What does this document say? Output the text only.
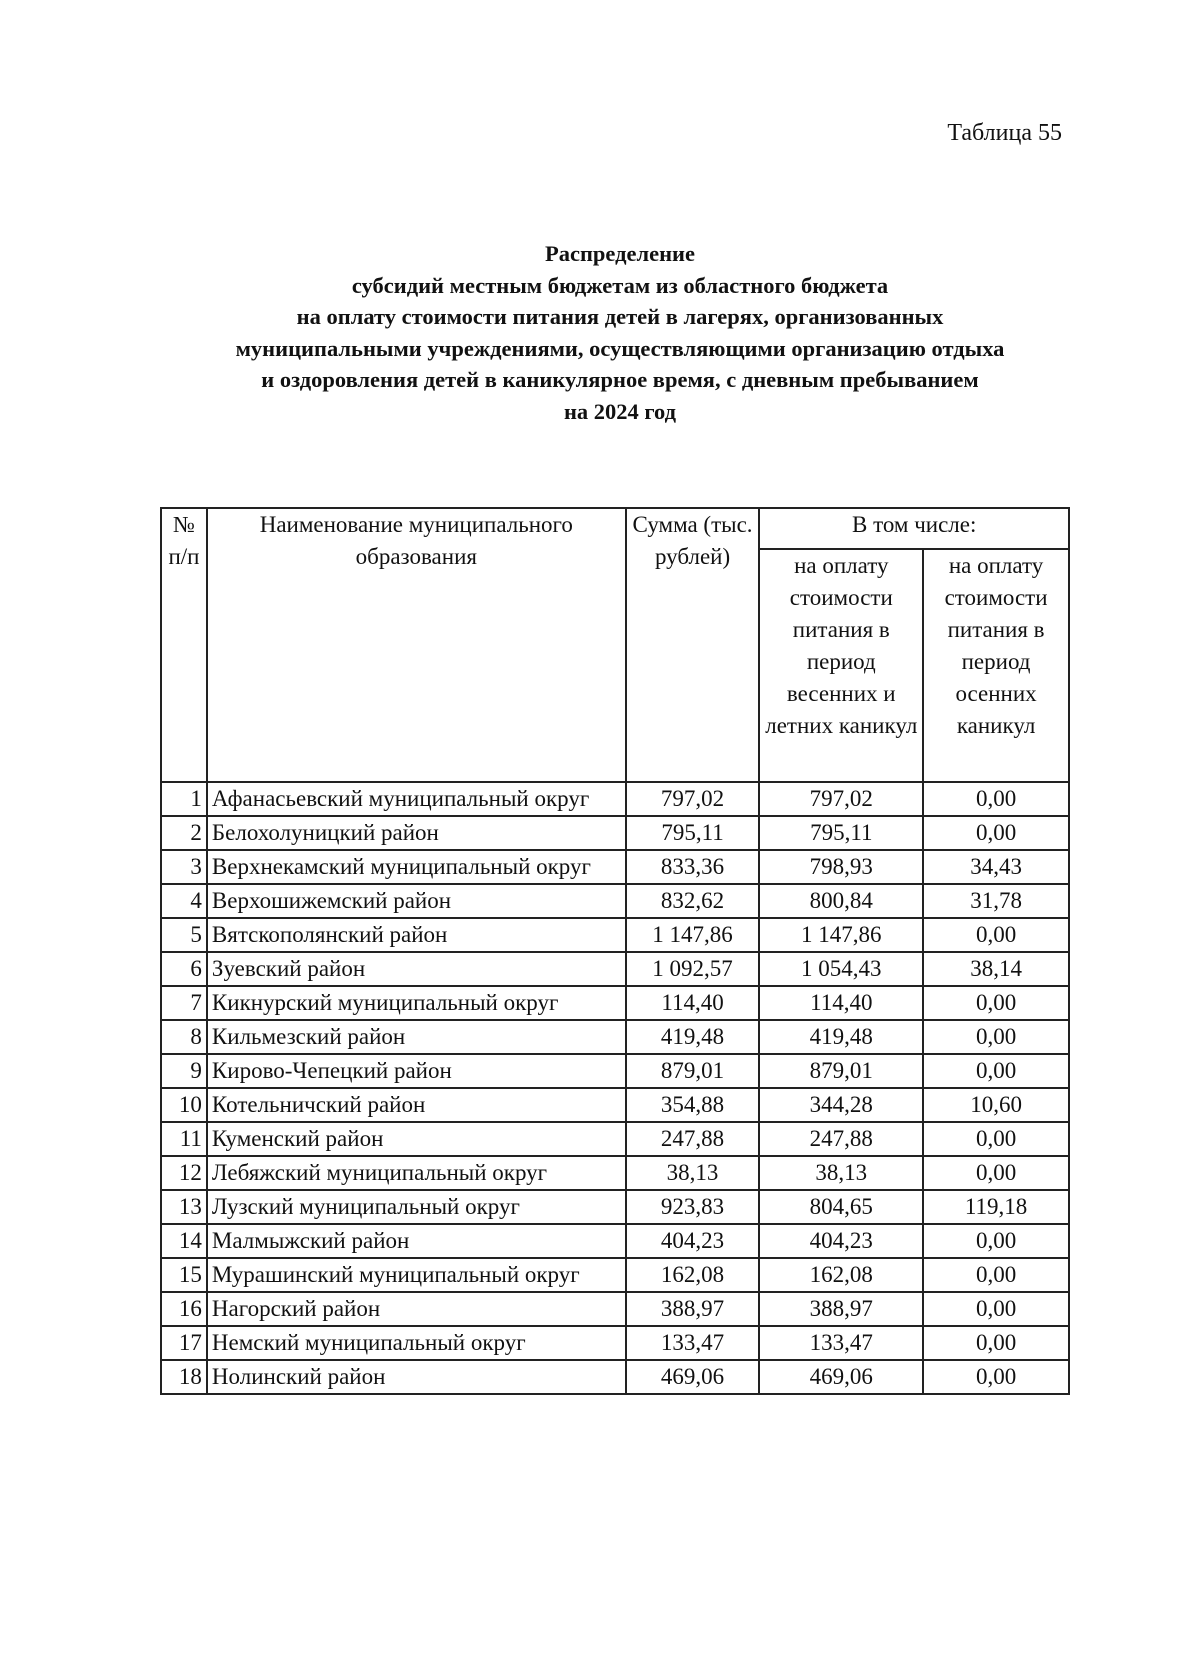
Таблица 55
Распределение
субсидий местным бюджетам из областного бюджета
на оплату стоимости питания детей в лагерях, организованных
муниципальными учреждениями, осуществляющими организацию отдыха
и оздоровления детей в каникулярное время, с дневным пребыванием
на 2024 год
№ п/п	Наименование муниципального образования	Сумма (тыс. рублей)	В том числе:	
			на оплату стоимости питания в период весенних и летних каникул	на оплату стоимости питания в период осенних каникул
1	Афанасьевский муниципальный округ	797,02	797,02	0,00
2	Белохолуницкий район	795,11	795,11	0,00
3	Верхнекамский муниципальный округ	833,36	798,93	34,43
4	Верхошижемский район	832,62	800,84	31,78
5	Вятскополянский район	1 147,86	1 147,86	0,00
6	Зуевский район	1 092,57	1 054,43	38,14
7	Кикнурский муниципальный округ	114,40	114,40	0,00
8	Кильмезский район	419,48	419,48	0,00
9	Кирово-Чепецкий район	879,01	879,01	0,00
10	Котельничский район	354,88	344,28	10,60
11	Куменский район	247,88	247,88	0,00
12	Лебяжский муниципальный округ	38,13	38,13	0,00
13	Лузский муниципальный округ	923,83	804,65	119,18
14	Малмыжский район	404,23	404,23	0,00
15	Мурашинский муниципальный округ	162,08	162,08	0,00
16	Нагорский район	388,97	388,97	0,00
17	Немский муниципальный округ	133,47	133,47	0,00
18	Нолинский район	469,06	469,06	0,00
